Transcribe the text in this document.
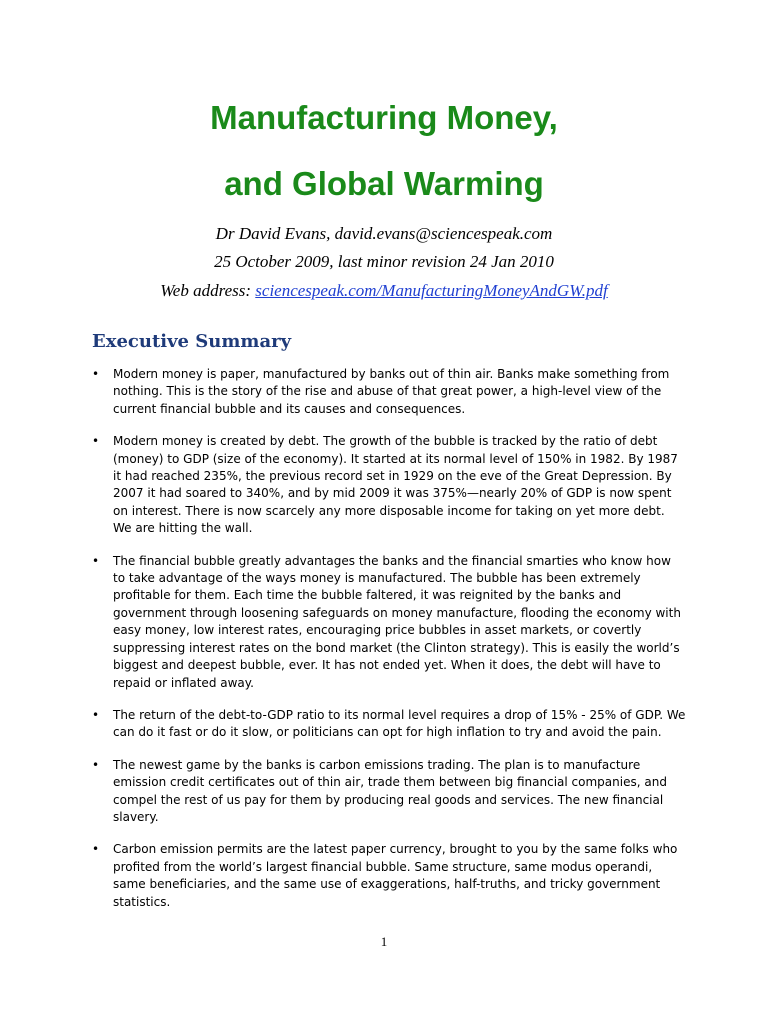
Manufacturing Money,
and Global Warming
Dr David Evans, david.evans@sciencespeak.com
25 October 2009, last minor revision 24 Jan 2010
Web address: sciencespeak.com/ManufacturingMoneyAndGW.pdf
Executive Summary
• Modern money is paper, manufactured by banks out of thin air. Banks make something from nothing. This is the story of the rise and abuse of that great power, a high-level view of the current financial bubble and its causes and consequences.
• Modern money is created by debt. The growth of the bubble is tracked by the ratio of debt (money) to GDP (size of the economy). It started at its normal level of 150% in 1982. By 1987 it had reached 235%, the previous record set in 1929 on the eve of the Great Depression. By 2007 it had soared to 340%, and by mid 2009 it was 375%—nearly 20% of GDP is now spent on interest. There is now scarcely any more disposable income for taking on yet more debt. We are hitting the wall.
• The financial bubble greatly advantages the banks and the financial smarties who know how to take advantage of the ways money is manufactured. The bubble has been extremely profitable for them. Each time the bubble faltered, it was reignited by the banks and government through loosening safeguards on money manufacture, flooding the economy with easy money, low interest rates, encouraging price bubbles in asset markets, or covertly suppressing interest rates on the bond market (the Clinton strategy). This is easily the world’s biggest and deepest bubble, ever. It has not ended yet. When it does, the debt will have to repaid or inflated away.
• The return of the debt-to-GDP ratio to its normal level requires a drop of 15% - 25% of GDP. We can do it fast or do it slow, or politicians can opt for high inflation to try and avoid the pain.
• The newest game by the banks is carbon emissions trading. The plan is to manufacture emission credit certificates out of thin air, trade them between big financial companies, and compel the rest of us pay for them by producing real goods and services. The new financial slavery.
• Carbon emission permits are the latest paper currency, brought to you by the same folks who profited from the world’s largest financial bubble. Same structure, same modus operandi, same beneficiaries, and the same use of exaggerations, half-truths, and tricky government statistics.
1
